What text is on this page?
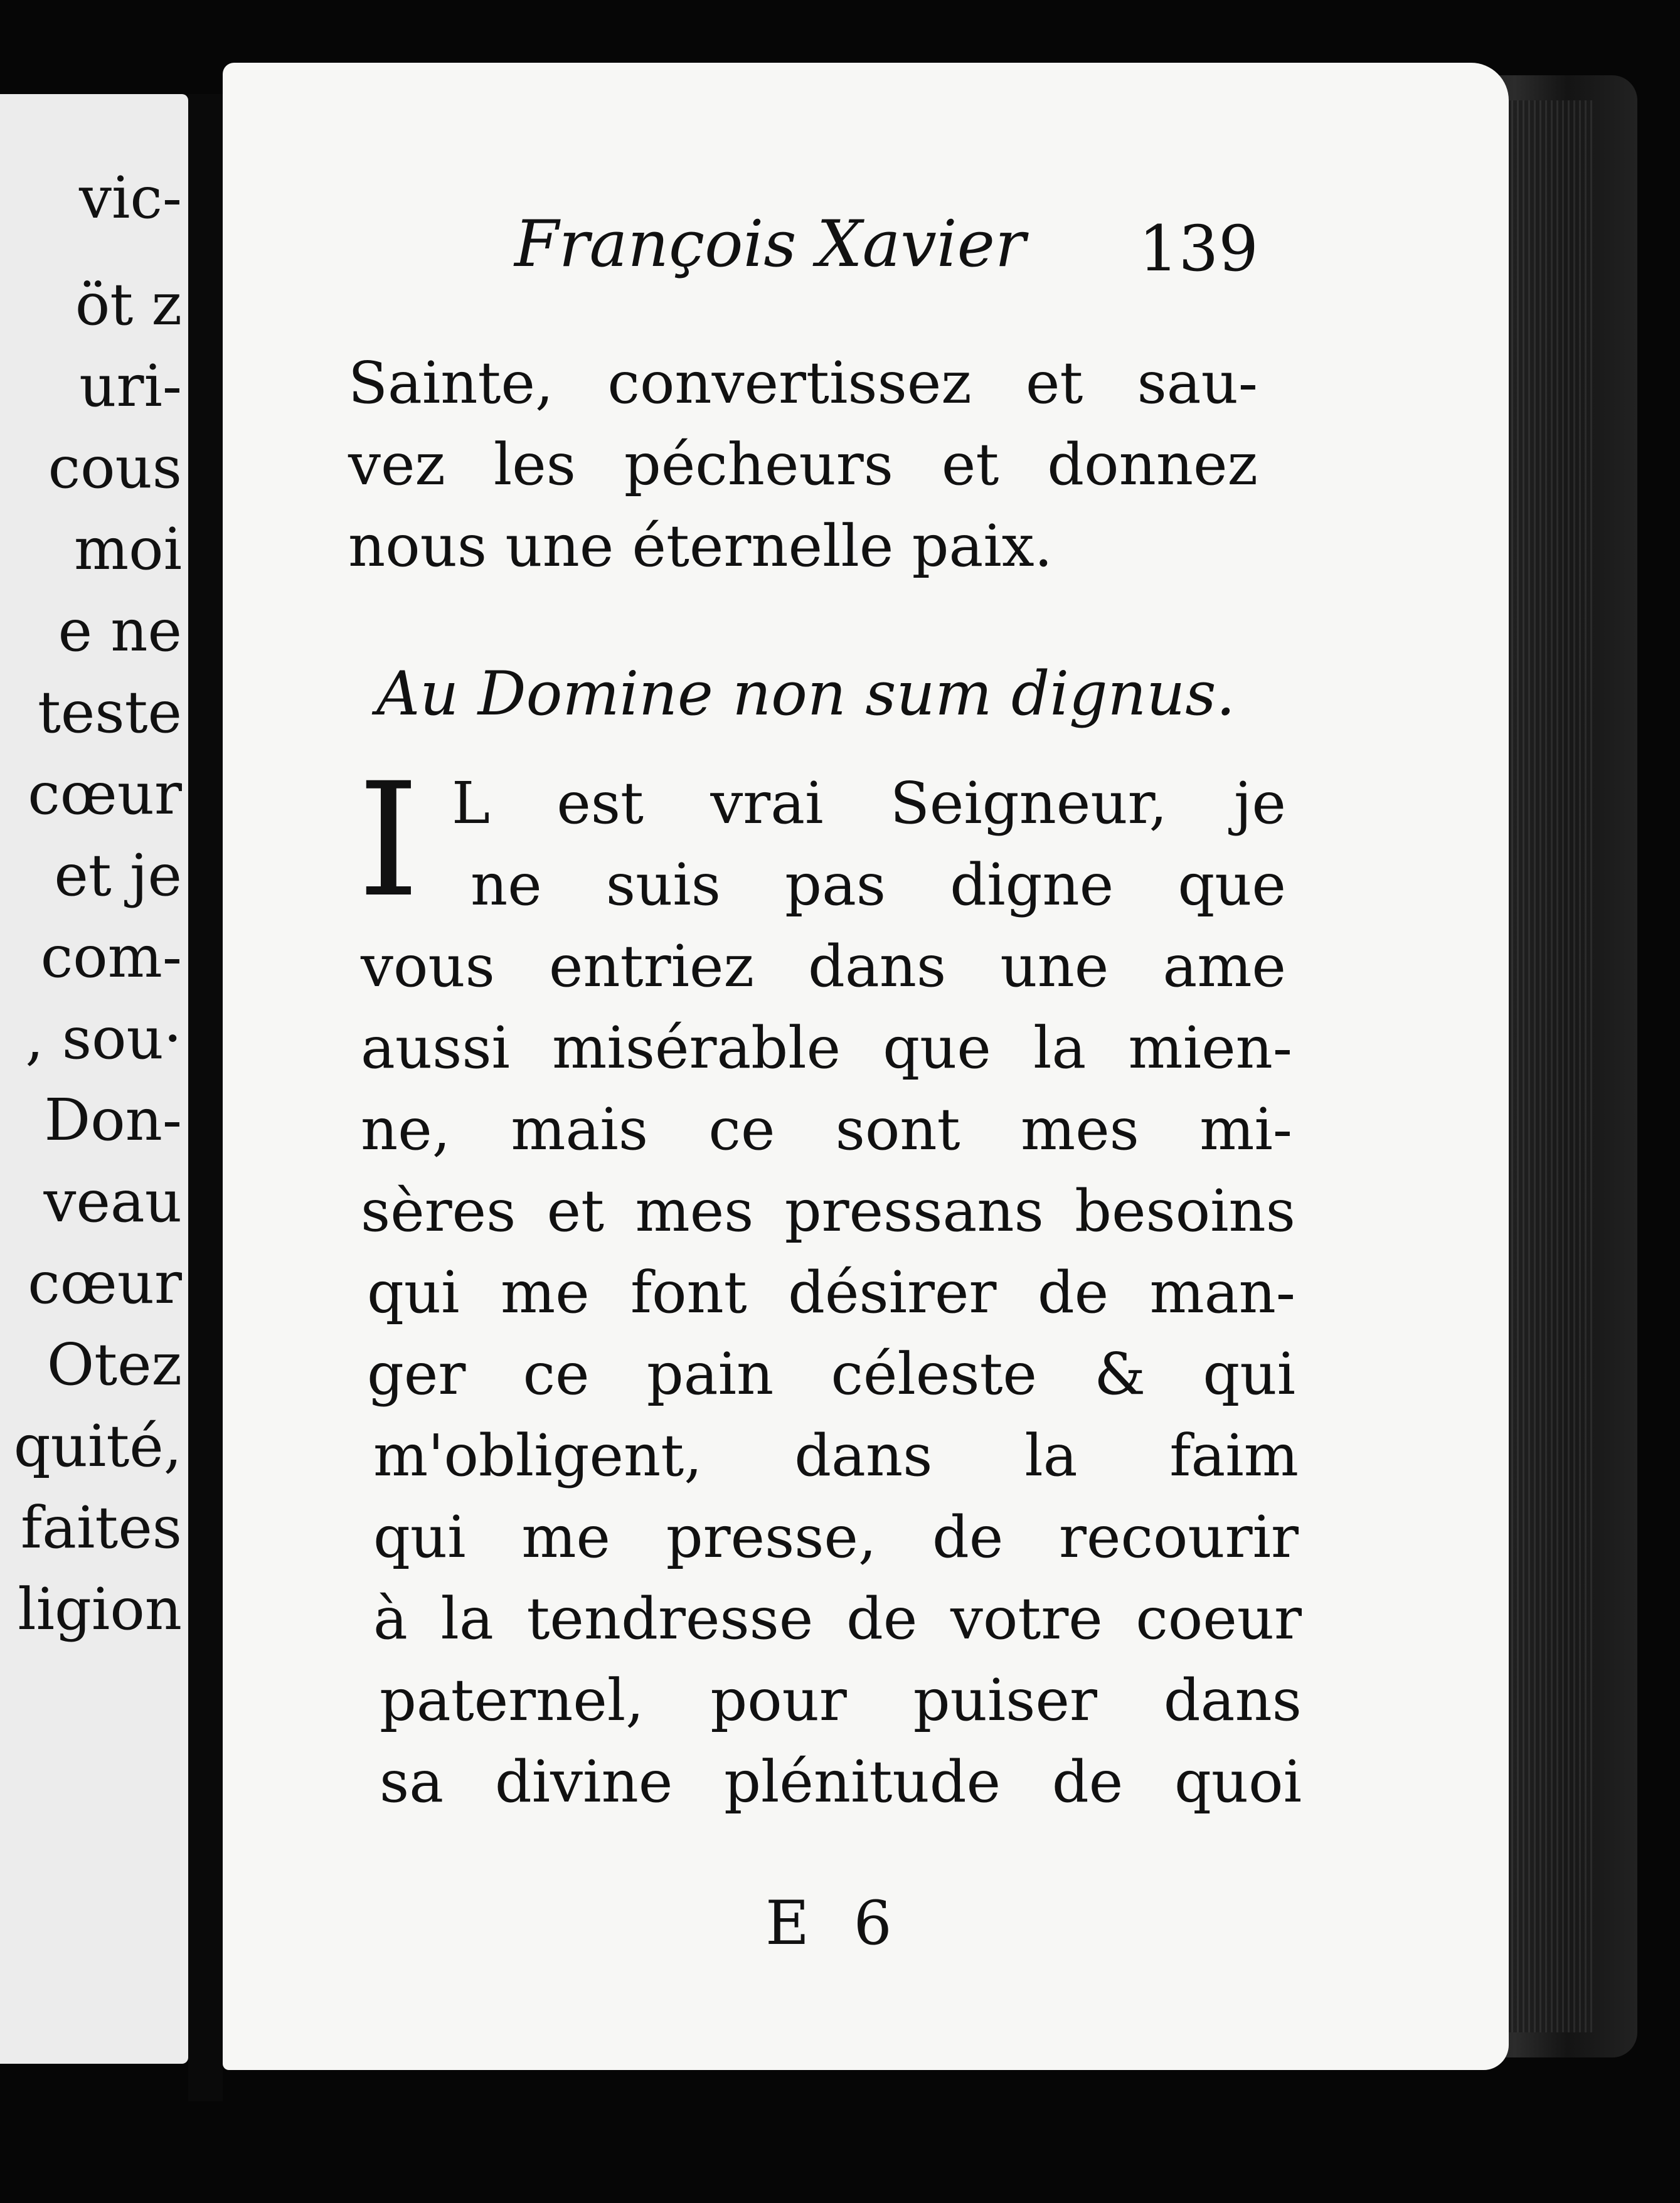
vic-
öt z
uri-
cous
moi
e ne
teste
cœur
et je
com-
, sou·
Don-
veau
cœur
Otez
quité,
faites
ligion
François Xavier 139
Sainte, convertissez et sau-
vez les pécheurs et donnez
nous une éternelle paix.
Au Domine non sum dignus.
I L est vrai Seigneur, je
ne suis pas digne que
vous entriez dans une ame
aussi misérable que la mien-
ne, mais ce sont mes mi-
sères et mes pressans besoins
qui me font désirer de man-
ger ce pain céleste & qui
m'obligent, dans la faim
qui me presse, de recourir
à la tendresse de votre coeur
paternel, pour puiser dans
sa divine plénitude de quoi
E 6
